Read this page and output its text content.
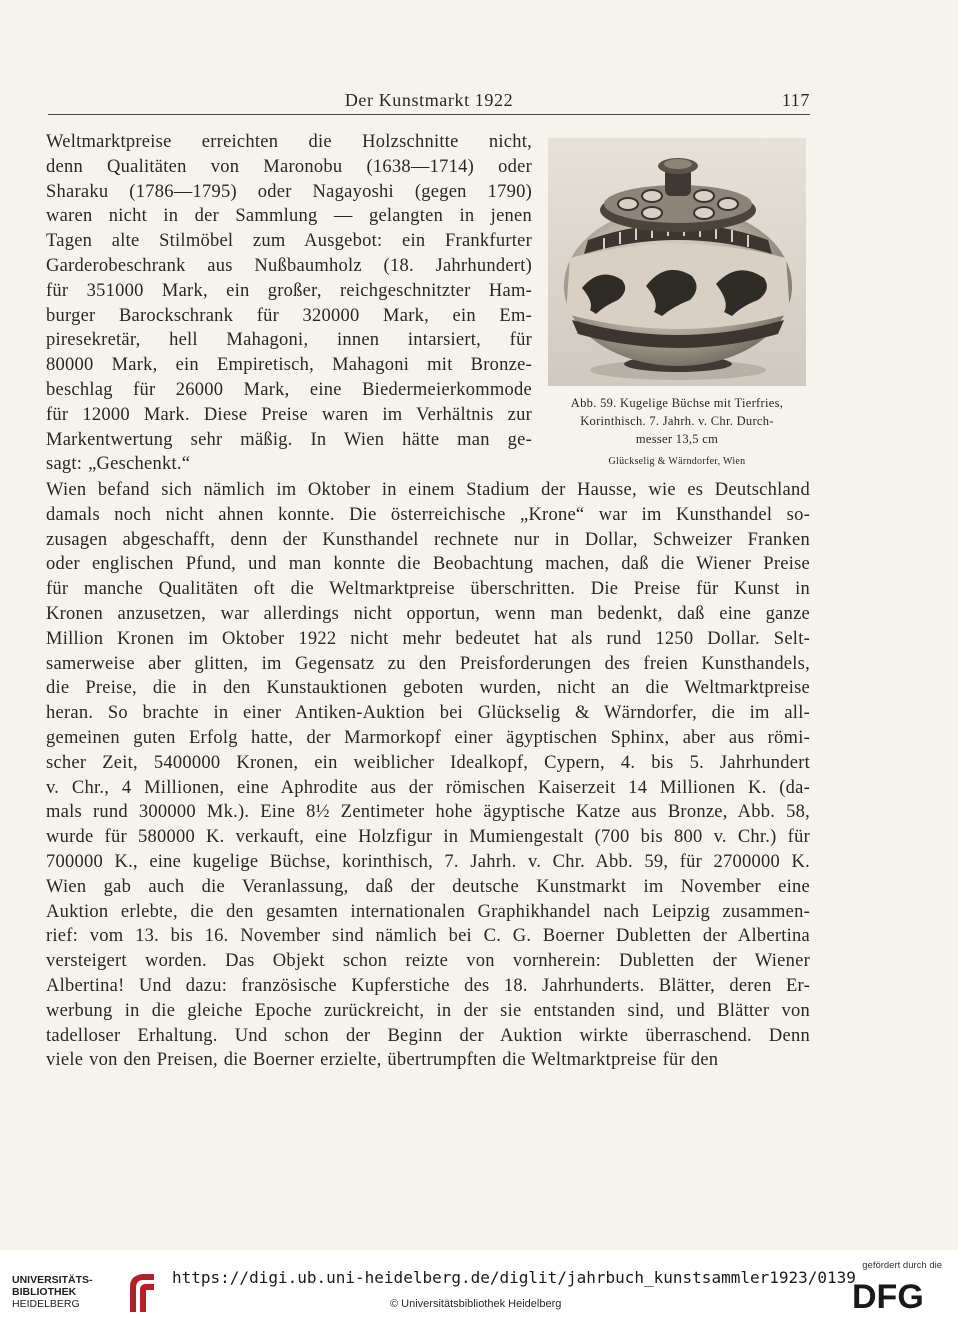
Der Kunstmarkt 1922	117
Weltmarktpreise erreichten die Holzschnitte nicht,
denn Qualitäten von Maronobu (1638—1714) oder
Sharaku (1786—1795) oder Nagayoshi (gegen 1790)
waren nicht in der Sammlung — gelangten in jenen
Tagen alte Stilmöbel zum Ausgebot: ein Frankfurter
Garderobeschrank aus Nußbaumholz (18. Jahrhundert)
für 351000 Mark, ein großer, reichgeschnitzter Ham-
burger Barockschrank für 320000 Mark, ein Em-
piresekretär, hell Mahagoni, innen intarsiert, für
80000 Mark, ein Empiretisch, Mahagoni mit Bronze-
beschlag für 26000 Mark, eine Biedermeierkommode
für 12000 Mark. Diese Preise waren im Verhältnis zur
Markentwertung sehr mäßig. In Wien hätte man ge-
sagt: „Geschenkt.“
Abb. 59. Kugelige Büchse mit Tierfries,
Korinthisch. 7. Jahrh. v. Chr. Durch-
messer 13,5 cm
Glückselig & Wärndorfer, Wien
Wien befand sich nämlich im Oktober in einem Stadium der Hausse, wie es Deutschland
damals noch nicht ahnen konnte. Die österreichische „Krone“ war im Kunsthandel so-
zusagen abgeschafft, denn der Kunsthandel rechnete nur in Dollar, Schweizer Franken
oder englischen Pfund, und man konnte die Beobachtung machen, daß die Wiener Preise
für manche Qualitäten oft die Weltmarktpreise überschritten. Die Preise für Kunst in
Kronen anzusetzen, war allerdings nicht opportun, wenn man bedenkt, daß eine ganze
Million Kronen im Oktober 1922 nicht mehr bedeutet hat als rund 1250 Dollar. Selt-
samerweise aber glitten, im Gegensatz zu den Preisforderungen des freien Kunsthandels,
die Preise, die in den Kunstauktionen geboten wurden, nicht an die Weltmarktpreise
heran. So brachte in einer Antiken-Auktion bei Glückselig & Wärndorfer, die im all-
gemeinen guten Erfolg hatte, der Marmorkopf einer ägyptischen Sphinx, aber aus römi-
scher Zeit, 5400000 Kronen, ein weiblicher Idealkopf, Cypern, 4. bis 5. Jahrhundert
v. Chr., 4 Millionen, eine Aphrodite aus der römischen Kaiserzeit 14 Millionen K. (da-
mals rund 300000 Mk.). Eine 8½ Zentimeter hohe ägyptische Katze aus Bronze, Abb. 58,
wurde für 580000 K. verkauft, eine Holzfigur in Mumiengestalt (700 bis 800 v. Chr.) für
700000 K., eine kugelige Büchse, korinthisch, 7. Jahrh. v. Chr. Abb. 59, für 2700000 K.
Wien gab auch die Veranlassung, daß der deutsche Kunstmarkt im November eine
Auktion erlebte, die den gesamten internationalen Graphikhandel nach Leipzig zusammen-
rief: vom 13. bis 16. November sind nämlich bei C. G. Boerner Dubletten der Albertina
versteigert worden. Das Objekt schon reizte von vornherein: Dubletten der Wiener
Albertina! Und dazu: französische Kupferstiche des 18. Jahrhunderts. Blätter, deren Er-
werbung in die gleiche Epoche zurückreicht, in der sie entstanden sind, und Blätter von
tadelloser Erhaltung. Und schon der Beginn der Auktion wirkte überraschend. Denn
viele von den Preisen, die Boerner erzielte, übertrumpften die Weltmarktpreise für den
UNIVERSITÄTS-
BIBLIOTHEK
HEIDELBERG
https://digi.ub.uni-heidelberg.de/diglit/jahrbuch_kunstsammler1923/0139
© Universitätsbibliothek Heidelberg
gefördert durch die
DFG
